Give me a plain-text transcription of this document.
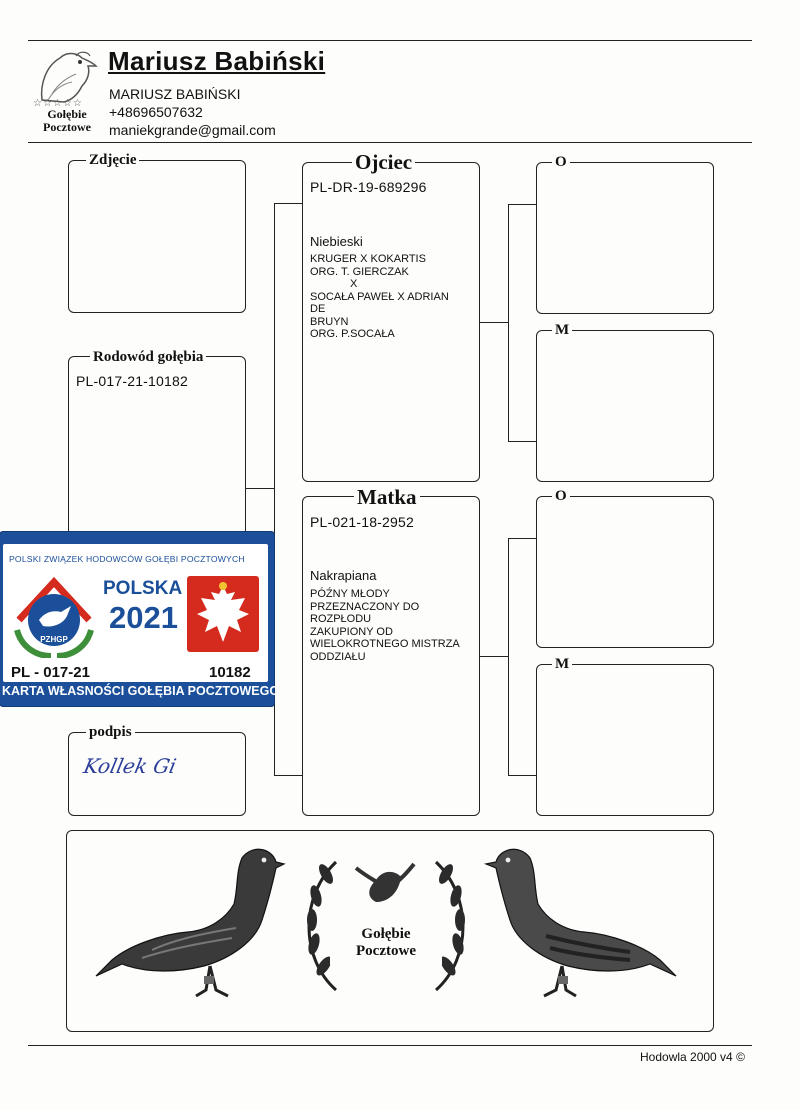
☆☆☆☆☆
Gołębie
Pocztowe
Mariusz Babiński
MARIUSZ BABIŃSKI
+48696507632
maniekgrande@gmail.com
Zdjęcie
Rodowód gołębia
PL-017-21-10182
podpis
Kollek Gi
Ojciec
PL-DR-19-689296
Niebieski
KRUGER X KOKARTIS
ORG. T. GIERCZAK
X
SOCAŁA PAWEŁ X ADRIAN
DE
BRUYN
ORG. P.SOCAŁA
Matka
PL-021-18-2952
Nakrapiana
PÓŹNY MŁODY
PRZEZNACZONY DO
ROZPŁODU
ZAKUPIONY OD
WIELOKROTNEGO MISTRZA
ODDZIAŁU
O
M
O
M
POLSKI ZWIĄZEK HODOWCÓW GOŁĘBI POCZTOWYCH
PZHGP
POLSKA
2021
PL - 017-21	10182
KARTA WŁASNOŚCI GOŁĘBIA POCZTOWEGO
Gołębie
Pocztowe
Hodowla 2000 v4 ©
